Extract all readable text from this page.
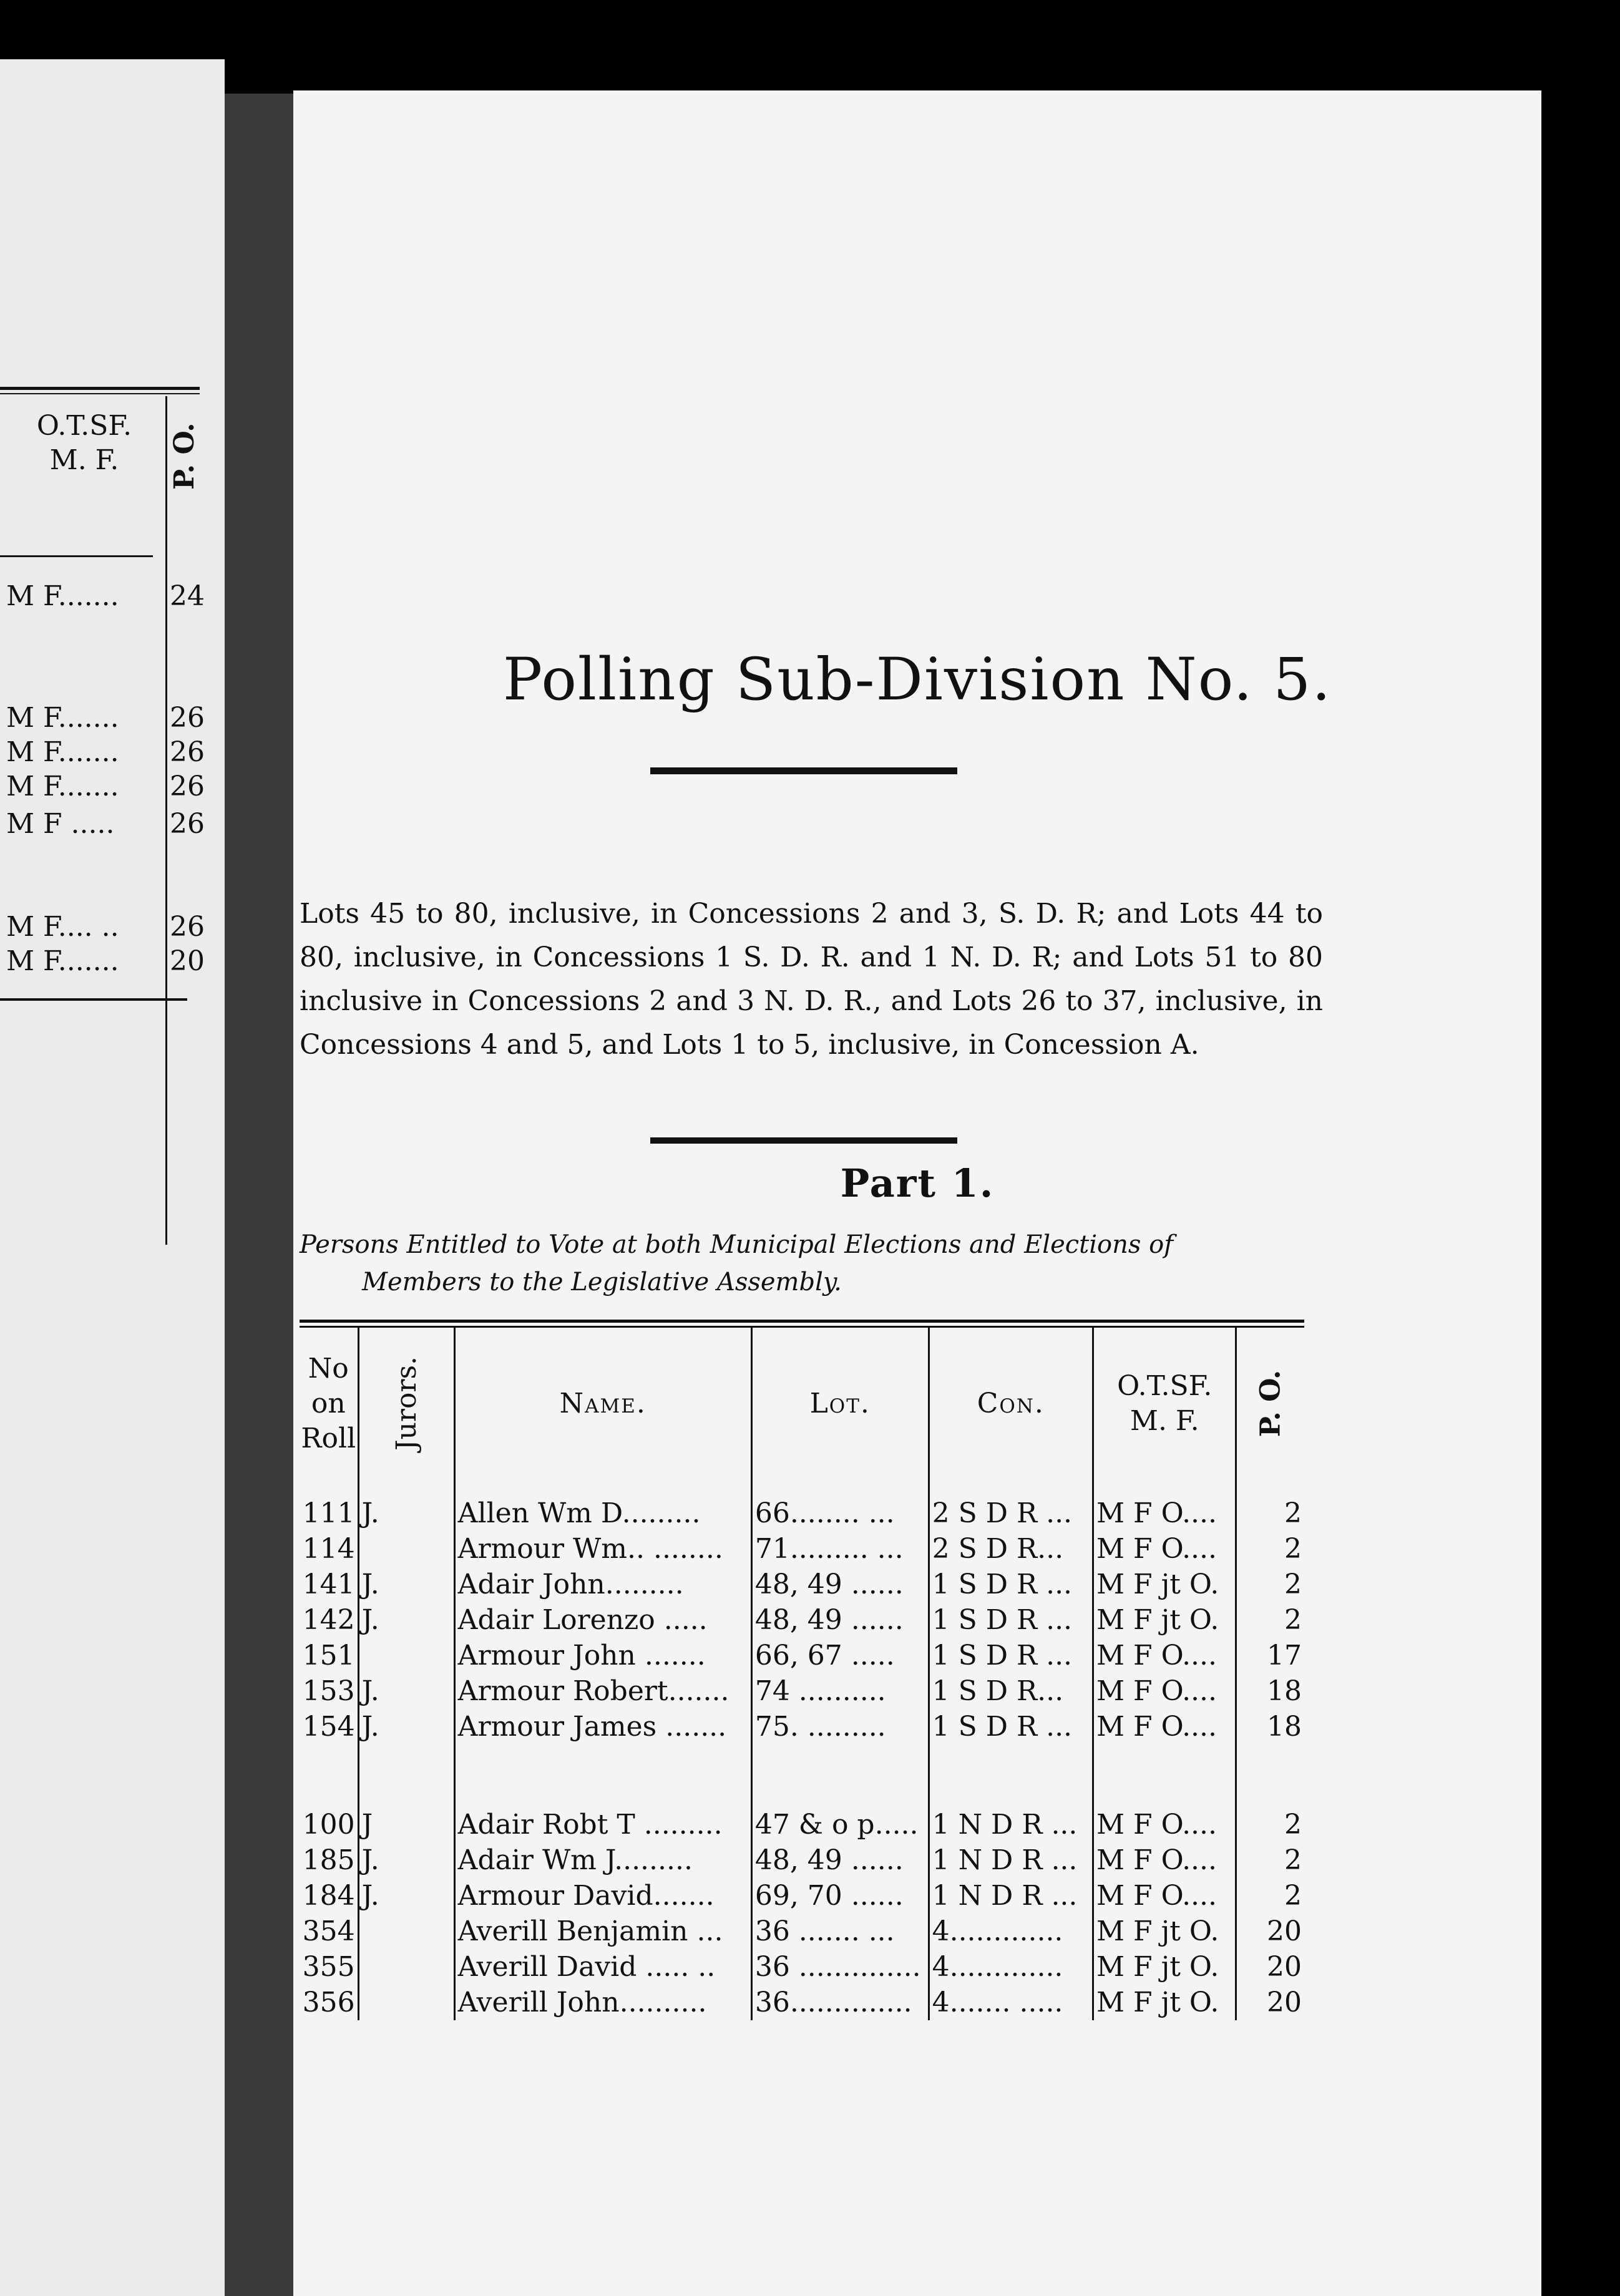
O.T.SF.
M. F.	P. O.
M F....... 24
M F....... 26
M F....... 26
M F....... 26
M F ..... 26
M F.... .. 26
M F....... 20
Polling Sub-Division No. 5.
Lots 45 to 80, inclusive, in Concessions 2 and 3, S. D. R; and Lots 44 to 80, inclusive, in Concessions 1 S. D. R. and 1 N. D. R; and Lots 51 to 80 inclusive in Concessions 2 and 3 N. D. R., and Lots 26 to 37, inclusive, in Concessions 4 and 5, and Lots 1 to 5, inclusive, in Concession A.
Part 1.
Persons Entitled to Vote at both Municipal Elections and Elections of
Members to the Legislative Assembly.
No on Roll	Jurors.	Name.	Lot.	Con.	O.T.SF. M. F.	P. O.

111	J.	Allen Wm D.........	66........ ...	2 S D R ...	M F O....	2
114		Armour Wm.. ........	71......... ...	2 S D R...	M F O....	2
141	J.	Adair John.........	48, 49 ......	1 S D R ...	M F jt O.	2
142	J.	Adair Lorenzo .....	48, 49 ......	1 S D R ...	M F jt O.	2
151		Armour John .......	66, 67 .....	1 S D R ...	M F O....	17
153	J.	Armour Robert.......	74 ..........	1 S D R...	M F O....	18
154	J.	Armour James .......	75. .........	1 S D R ...	M F O....	18

100	J	Adair Robt T .........	47 & o p.....	1 N D R ...	M F O....	2
185	J.	Adair Wm J.........	48, 49 ......	1 N D R ...	M F O....	2
184	J.	Armour David.......	69, 70 ......	1 N D R ...	M F O....	2
354		Averill Benjamin ...	36 ....... ...	4.............	M F jt O.	20
355		Averill David ..... ..	36 ..............	4.............	M F jt O.	20
356		Averill John..........	36..............	4....... .....	M F jt O.	20
